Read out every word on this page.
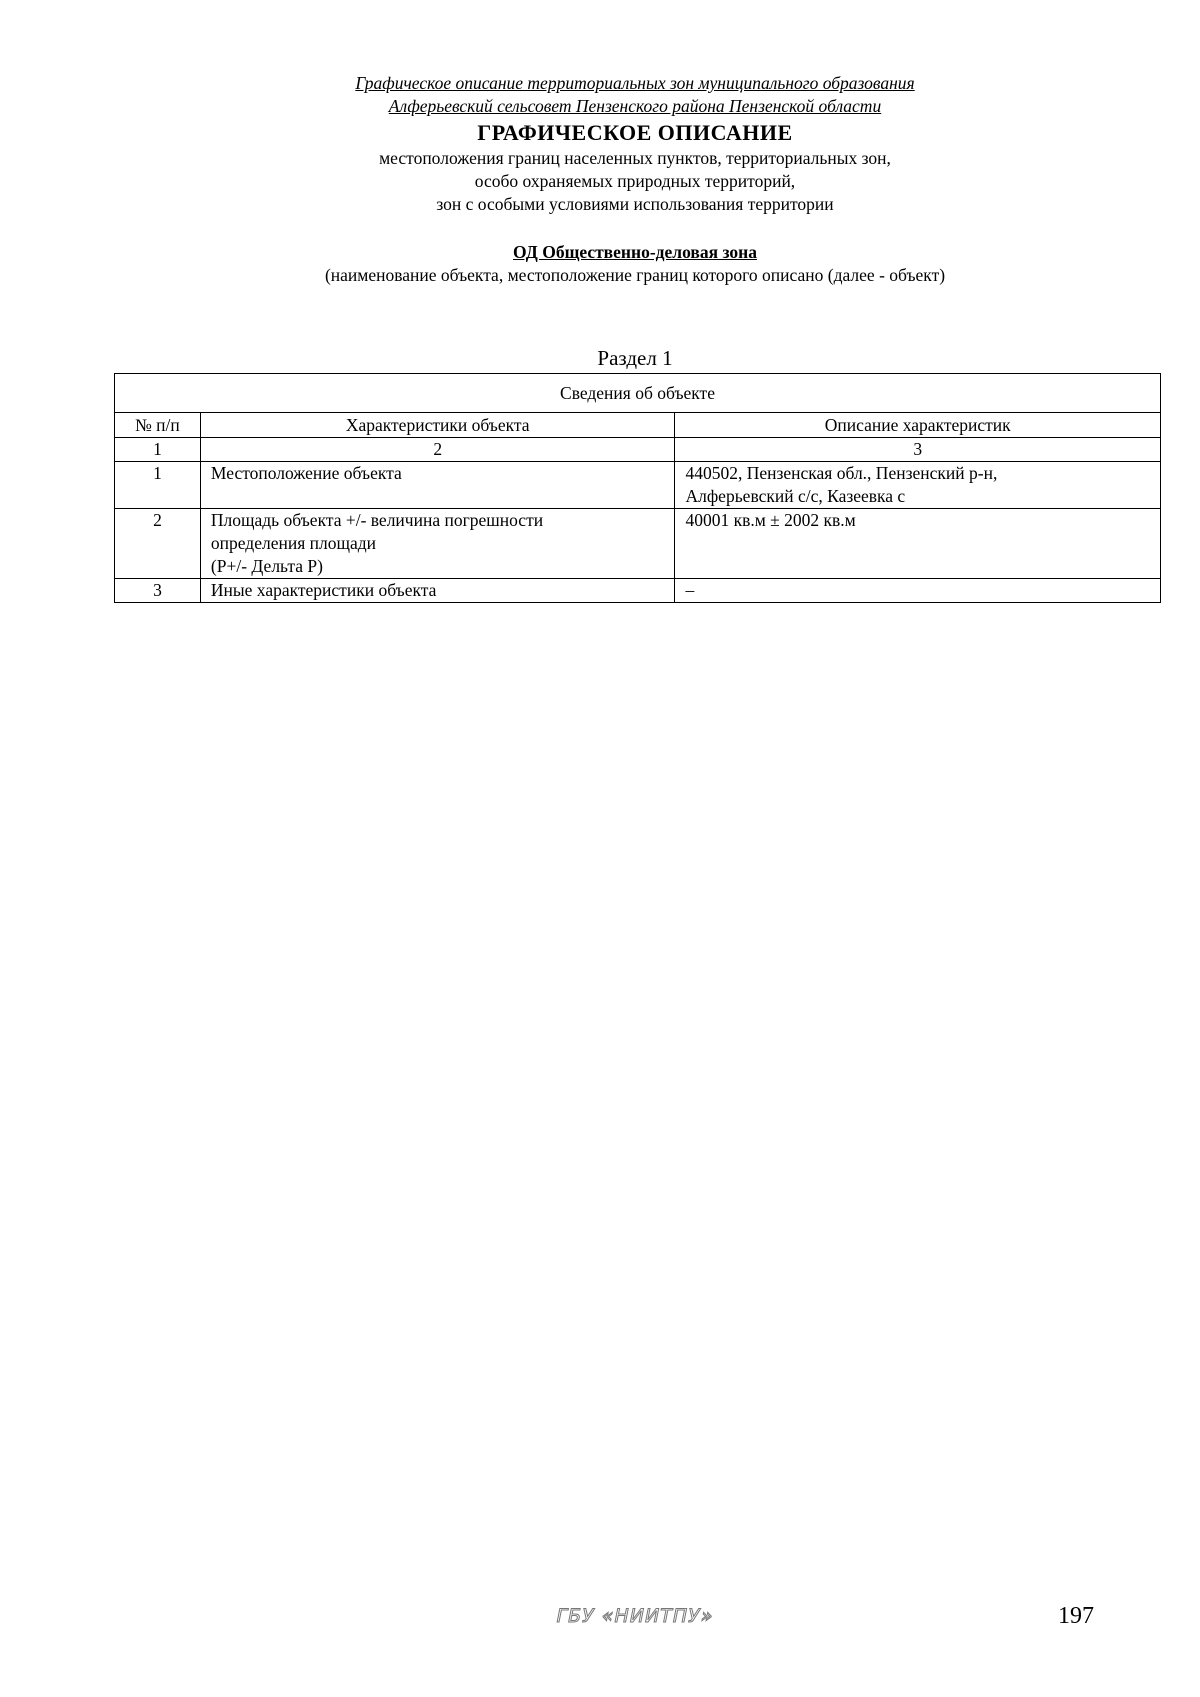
Графическое описание территориальных зон муниципального образования
Алферьевский сельсовет Пензенского района Пензенской области
ГРАФИЧЕСКОЕ ОПИСАНИЕ
местоположения границ населенных пунктов, территориальных зон,
особо охраняемых природных территорий,
зон с особыми условиями использования территории
ОД Общественно-деловая зона
(наименование объекта, местоположение границ которого описано (далее - объект)
Раздел 1
Сведения об объекте		
№ п/п	Характеристики объекта	Описание характеристик
1	2	3
1	Местоположение объекта	440502, Пензенская обл., Пензенский р-н,
Алферьевский с/с, Казеевка с

2	Площадь объекта +/- величина погрешности
определения площади
(P+/- Дельта P)	40001 кв.м ± 2002 кв.м

3	Иные характеристики объекта	–
ГБУ «НИИТПУ»	197
